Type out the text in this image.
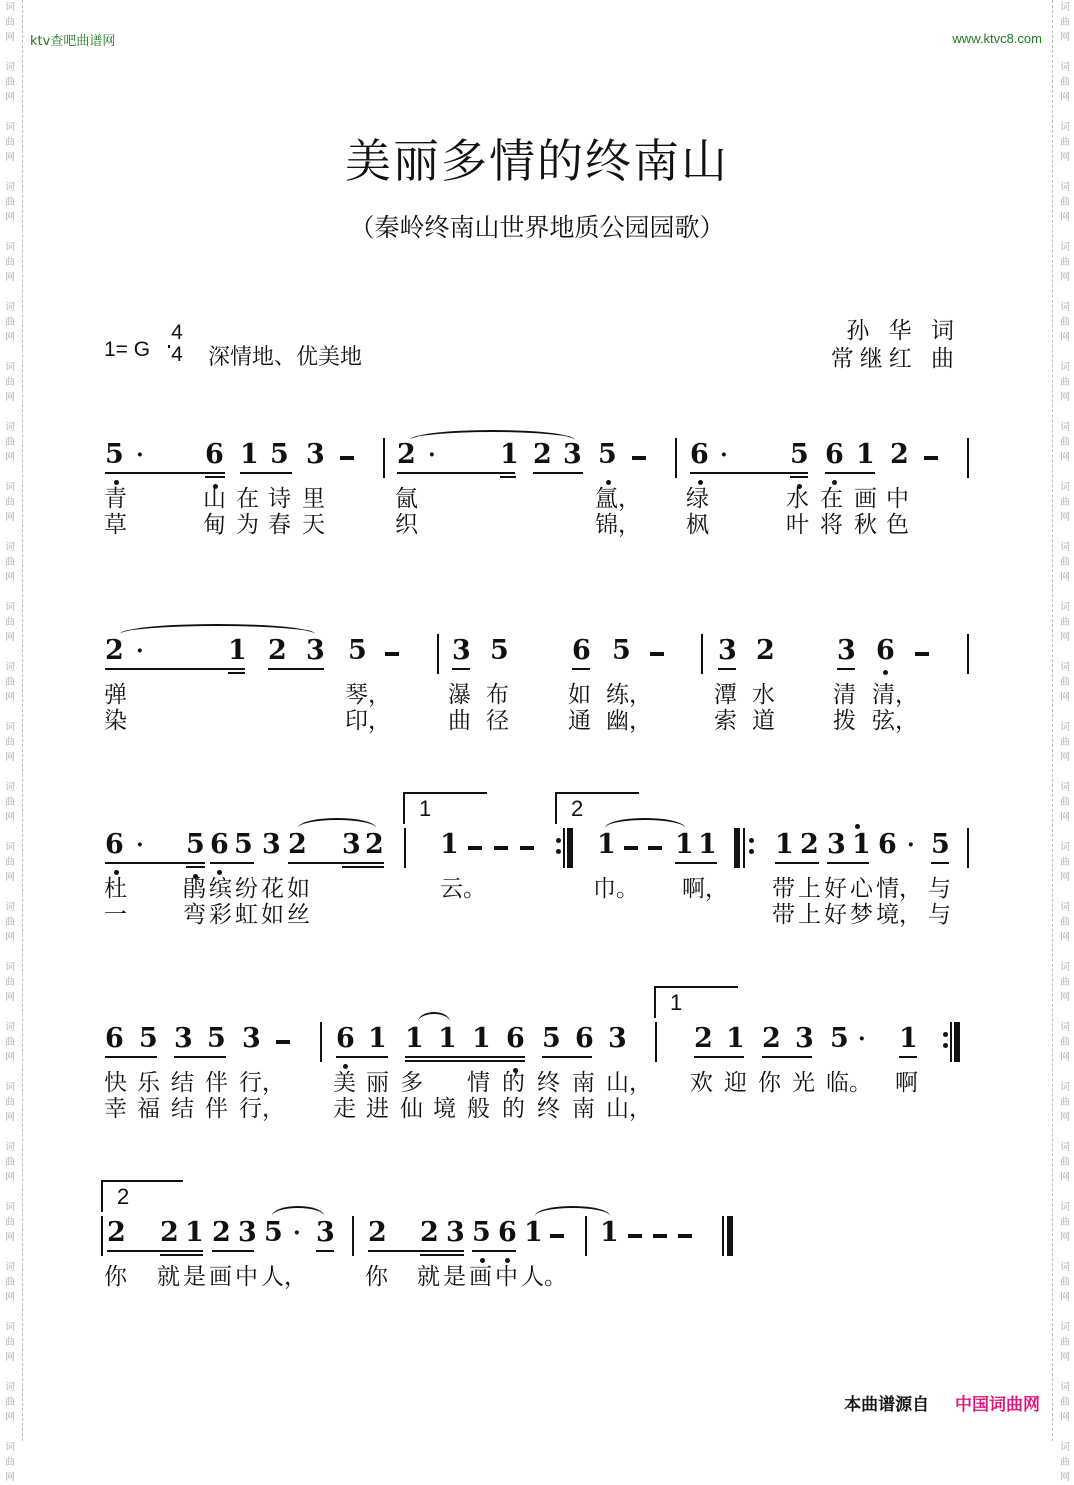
词
曲
网
词
曲
网
词
曲
网
词
曲
网
词
曲
网
词
曲
网
词
曲
网
词
曲
网
词
曲
网
词
曲
网
词
曲
网
词
曲
网
词
曲
网
词
曲
网
词
曲
网
词
曲
网
词
曲
网
词
曲
网
词
曲
网
词
曲
网
词
曲
网
词
曲
网
词
曲
网
词
曲
网
词
曲
网
词
曲
网
词
曲
网
词
曲
网
词
曲
网
词
曲
网
词
曲
网
词
曲
网
词
曲
网
词
曲
网
词
曲
网
词
曲
网
词
曲
网
词
曲
网
词
曲
网
词
曲
网
词
曲
网
词
曲
网
词
曲
网
词
曲
网
词
曲
网
词
曲
网
词
曲
网
词
曲
网
词
曲
网
词
曲
网
ktv查吧曲谱网	www.ktvc8.com
美丽多情的终南山
（秦岭终南山世界地质公园园歌）
1= G
4
4 深情地、优美地
孙 华 词
常继红 曲
5 · 6 1 5 3	2 · 1 2 3 5	6 · 5 6 1 2
青	山 在 诗 里	氤	氲， 绿	水 在 画 中
草	甸 为 春 天	织	锦， 枫	叶 将 秋 色
2 ·	1 2 3 5	3 5 6 5	3 2 3 6
弹	琴， 瀑 布	如 练，	潭 水	清 清，
染	印， 曲 径	通 幽，	索 道	拨 弦，
1	2
6 · 5 6 5 3 2 3 2 1	1 1 1 1 2 3 1 6 · 5
杜 鹃 缤 纷 花 如	云。	巾。 啊， 带 上 好 心 情， 与
一 弯 彩 虹 如 丝	带 上 好 梦 境， 与
1
6 5 3 5 3	6 1 1 1 1 6 5 6 3 2 1 2 3 5 · 1
快 乐 结 伴 行， 美 丽 多 情 的 终 南 山， 欢 迎 你 光 临。 啊
幸 福 结 伴 行， 走 进 仙 境 般 的 终 南 山，
2
2 2 1 2 3 5 · 3 2 2 3 5 6 1 1
你 就 是 画 中 人，	你 就 是 画 中 人。
本曲谱源自 中国词曲网
